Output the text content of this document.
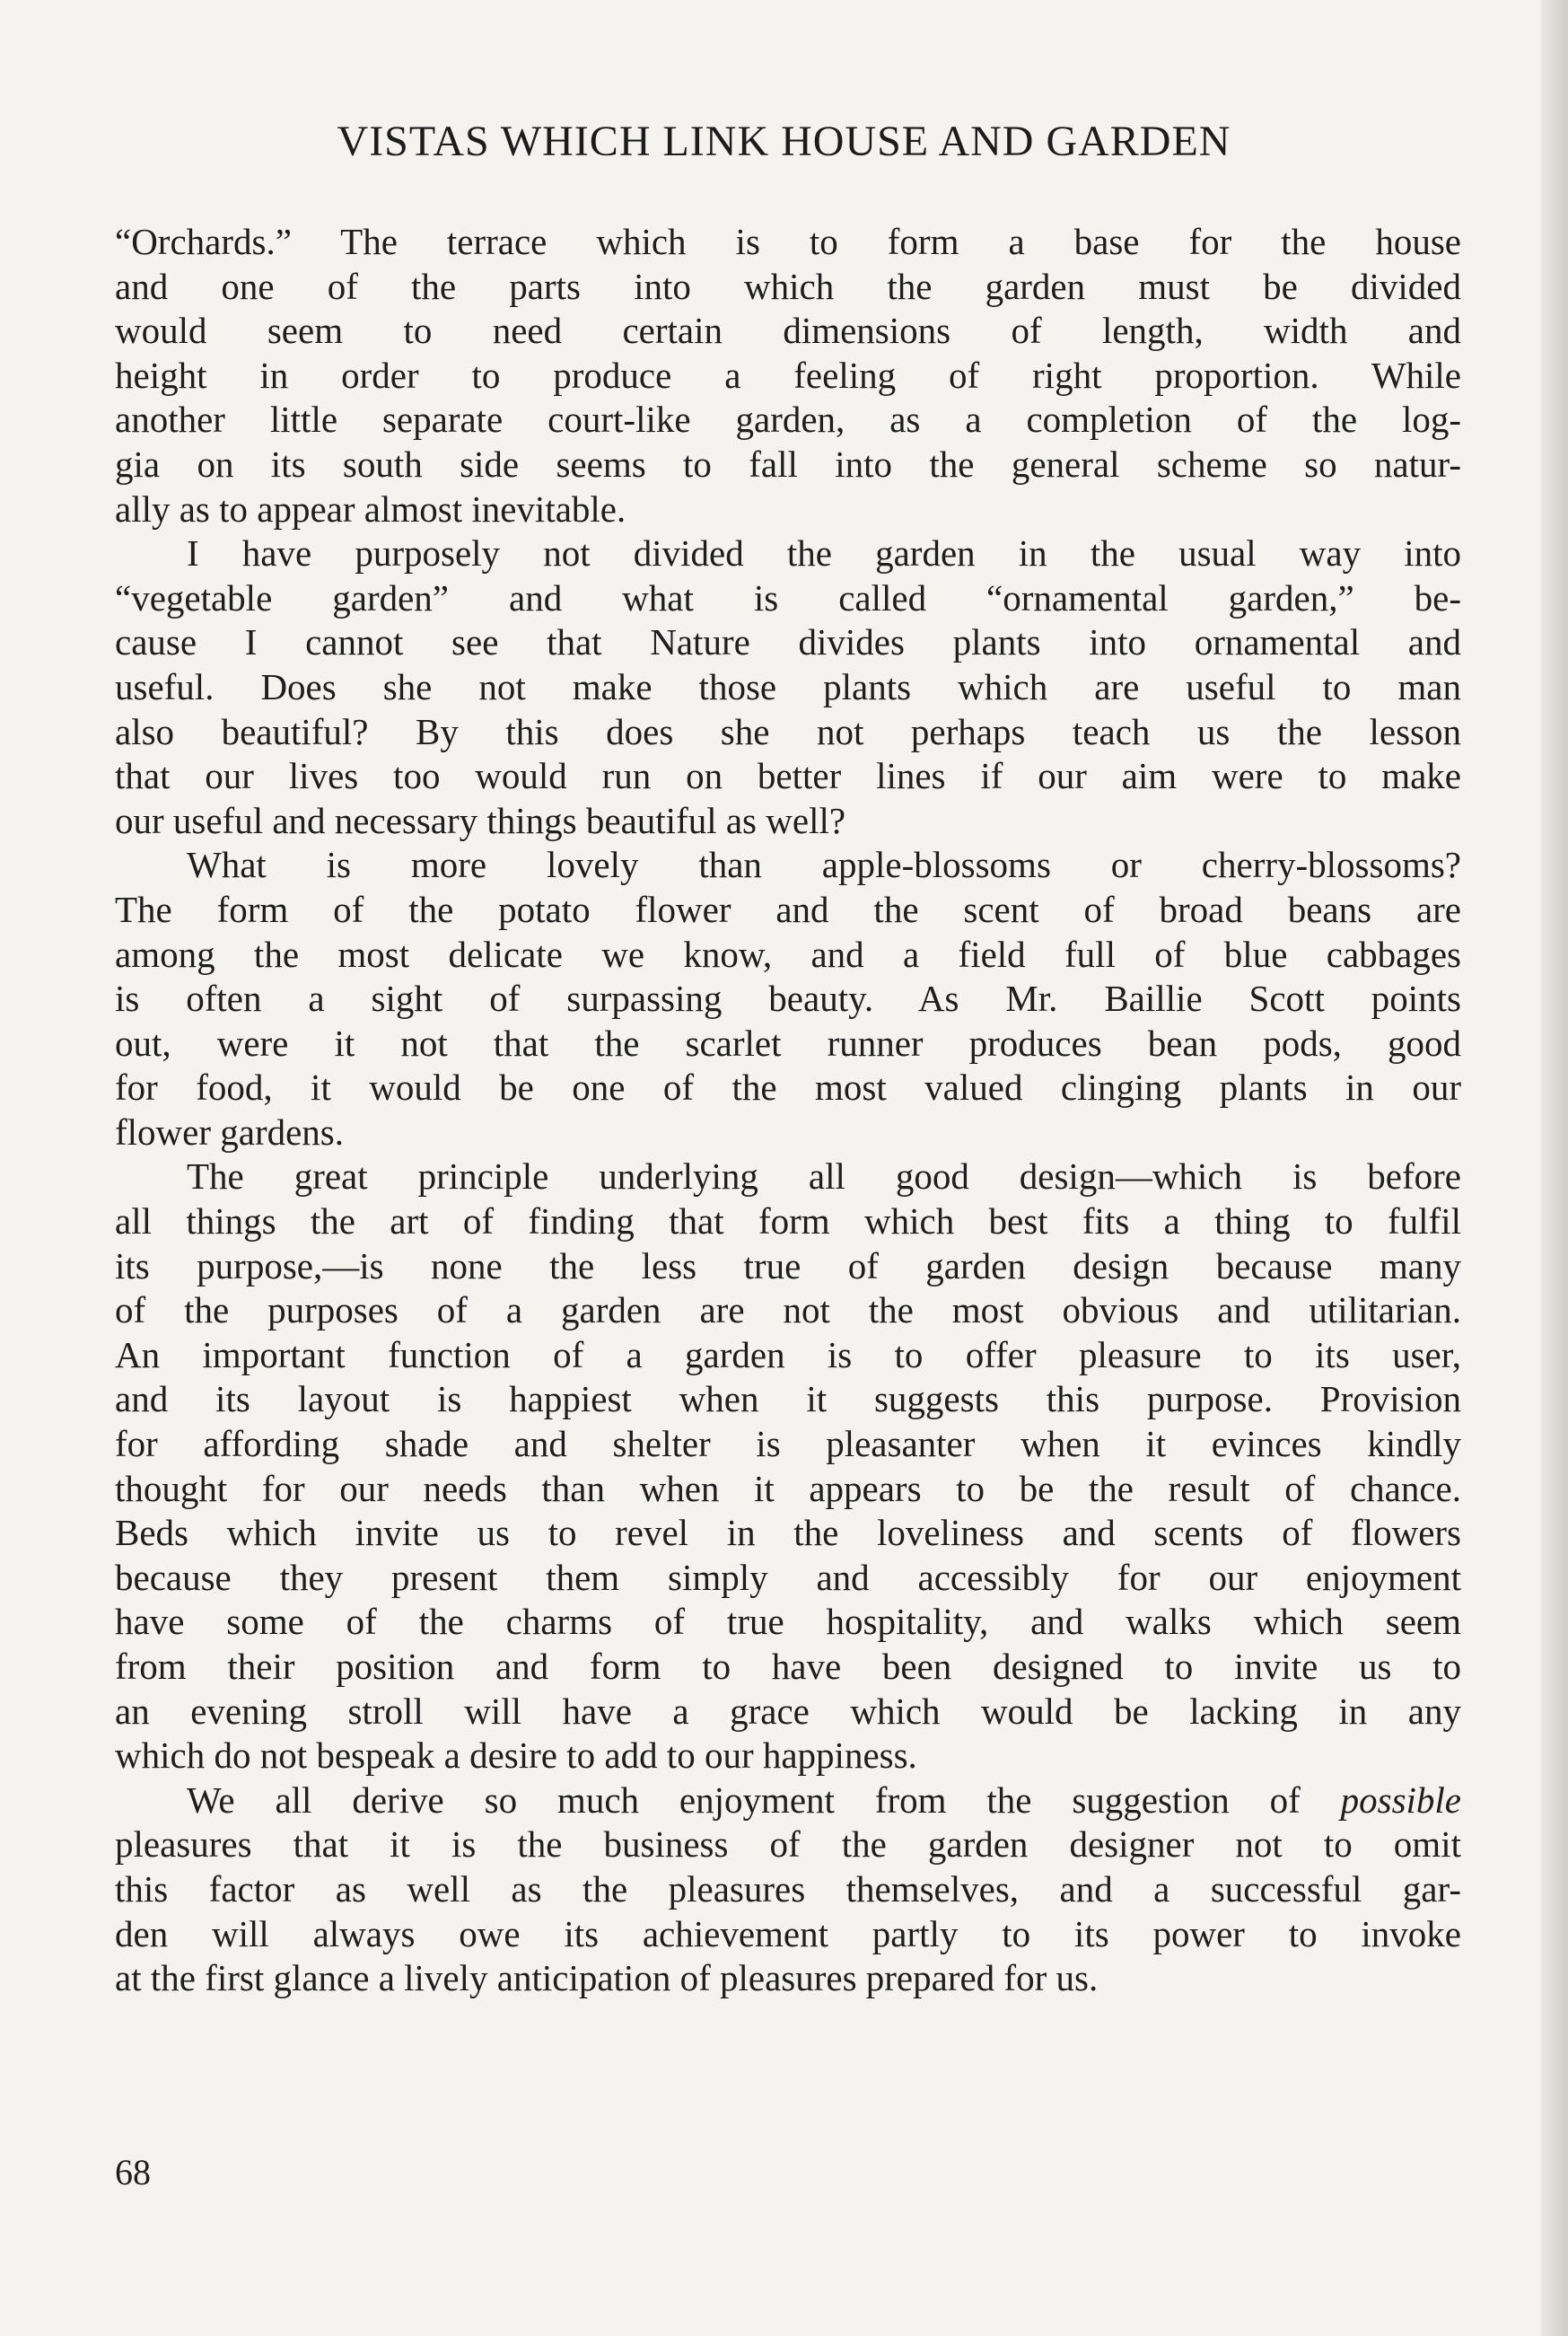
VISTAS WHICH LINK HOUSE AND GARDEN
“Orchards.” The terrace which is to form a base for the house
and one of the parts into which the garden must be divided
would seem to need certain dimensions of length, width and
height in order to produce a feeling of right proportion. While
another little separate court-like garden, as a completion of the log-
gia on its south side seems to fall into the general scheme so natur-
ally as to appear almost inevitable.
I have purposely not divided the garden in the usual way into
“vegetable garden” and what is called “ornamental garden,” be-
cause I cannot see that Nature divides plants into ornamental and
useful. Does she not make those plants which are useful to man
also beautiful? By this does she not perhaps teach us the lesson
that our lives too would run on better lines if our aim were to make
our useful and necessary things beautiful as well?
What is more lovely than apple-blossoms or cherry-blossoms?
The form of the potato flower and the scent of broad beans are
among the most delicate we know, and a field full of blue cabbages
is often a sight of surpassing beauty. As Mr. Baillie Scott points
out, were it not that the scarlet runner produces bean pods, good
for food, it would be one of the most valued clinging plants in our
flower gardens.
The great principle underlying all good design—which is before
all things the art of finding that form which best fits a thing to fulfil
its purpose,—is none the less true of garden design because many
of the purposes of a garden are not the most obvious and utilitarian.
An important function of a garden is to offer pleasure to its user,
and its layout is happiest when it suggests this purpose. Provision
for affording shade and shelter is pleasanter when it evinces kindly
thought for our needs than when it appears to be the result of chance.
Beds which invite us to revel in the loveliness and scents of flowers
because they present them simply and accessibly for our enjoyment
have some of the charms of true hospitality, and walks which seem
from their position and form to have been designed to invite us to
an evening stroll will have a grace which would be lacking in any
which do not bespeak a desire to add to our happiness.
We all derive so much enjoyment from the suggestion of possible
pleasures that it is the business of the garden designer not to omit
this factor as well as the pleasures themselves, and a successful gar-
den will always owe its achievement partly to its power to invoke
at the first glance a lively anticipation of pleasures prepared for us.
68
